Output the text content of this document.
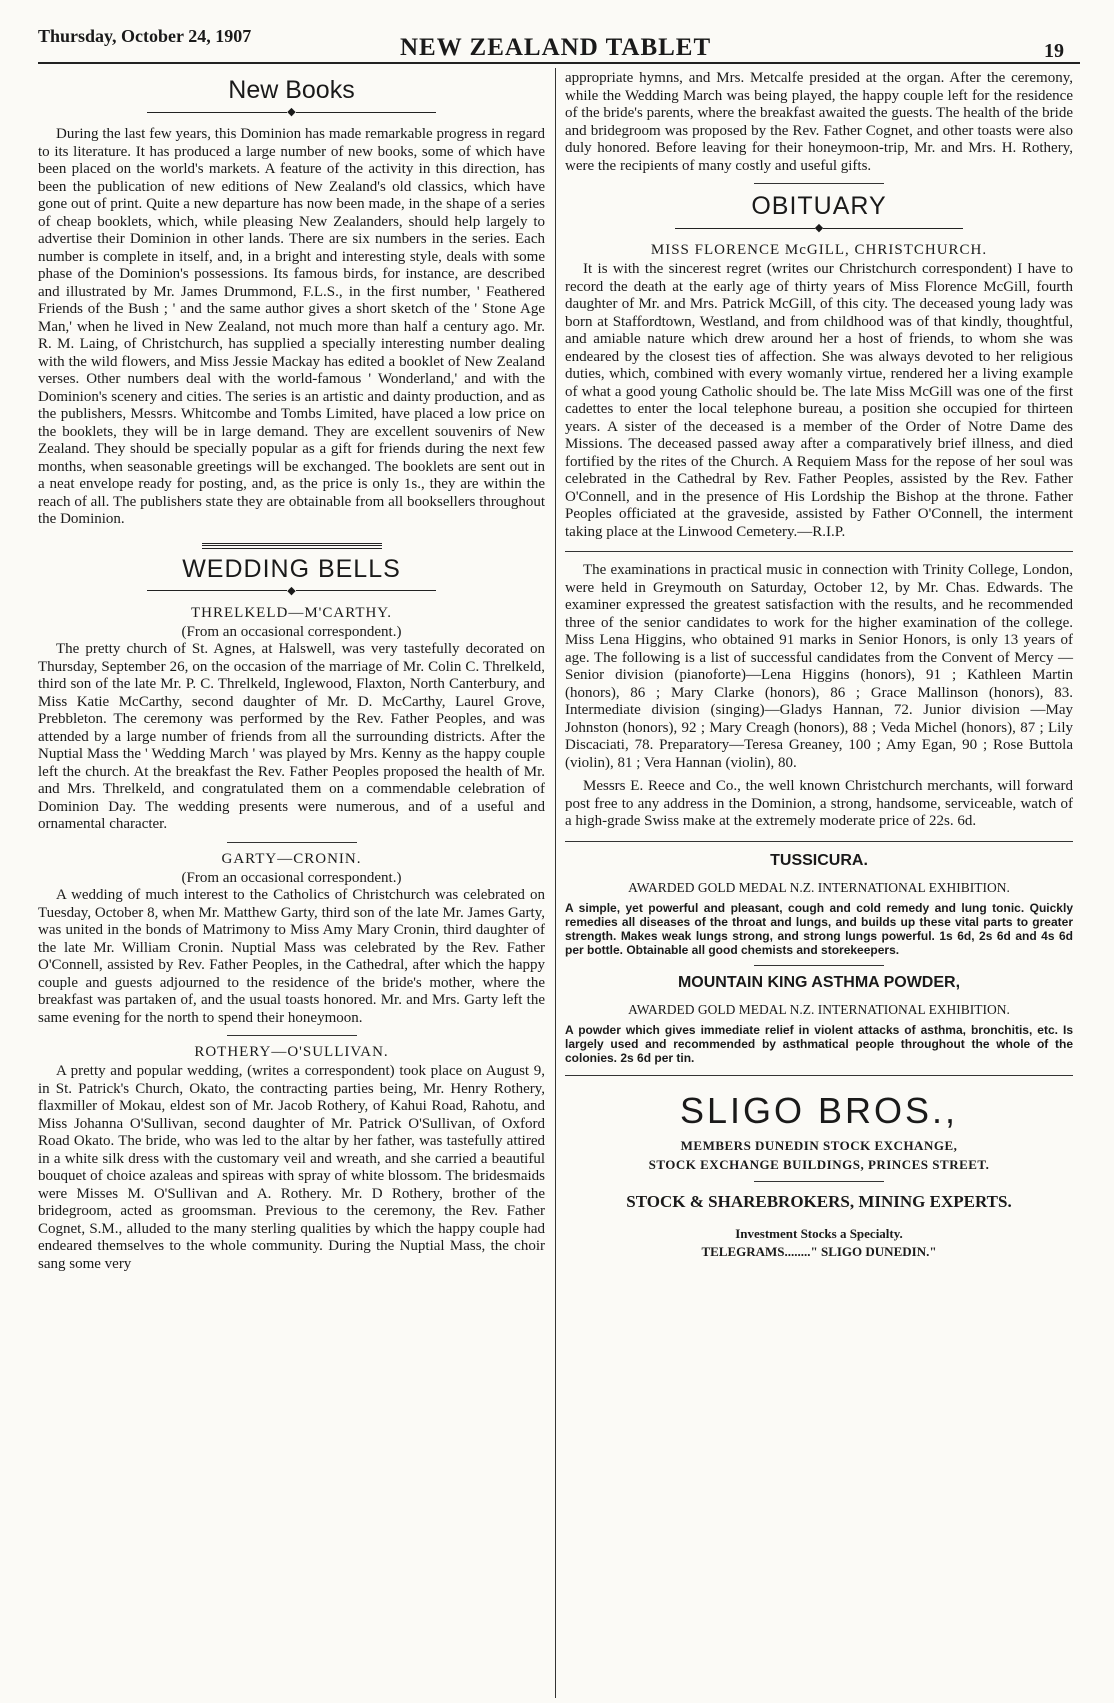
Thursday, October 24, 1907	NEW ZEALAND TABLET	19
New Books
◆

During the last few years, this Dominion has made remarkable progress in regard to its literature. It has produced a large number of new books, some of which have been placed on the world's markets. A feature of the activity in this direction, has been the publication of new editions of New Zealand's old classics, which have gone out of print. Quite a new departure has now been made, in the shape of a series of cheap booklets, which, while pleasing New Zealanders, should help largely to advertise their Dominion in other lands. There are six numbers in the series. Each number is complete in itself, and, in a bright and interesting style, deals with some phase of the Dominion's possessions. Its famous birds, for instance, are described and illustrated by Mr. James Drummond, F.L.S., in the first number, ' Feathered Friends of the Bush ; ' and the same author gives a short sketch of the ' Stone Age Man,' when he lived in New Zealand, not much more than half a century ago. Mr. R. M. Laing, of Christchurch, has supplied a specially interesting number dealing with the wild flowers, and Miss Jessie Mackay has edited a booklet of New Zealand verses. Other numbers deal with the world-famous ' Wonderland,' and with the Dominion's scenery and cities. The series is an artistic and dainty production, and as the publishers, Messrs. Whitcombe and Tombs Limited, have placed a low price on the booklets, they will be in large demand. They are excellent souvenirs of New Zealand. They should be specially popular as a gift for friends during the next few months, when seasonable greetings will be exchanged. The booklets are sent out in a neat envelope ready for posting, and, as the price is only 1s., they are within the reach of all. The publishers state they are obtainable from all booksellers throughout the Dominion.

WEDDING BELLS
◆
THRELKELD—M'CARTHY.

(From an occasional correspondent.)

The pretty church of St. Agnes, at Halswell, was very tastefully decorated on Thursday, September 26, on the occasion of the marriage of Mr. Colin C. Threlkeld, third son of the late Mr. P. C. Threlkeld, Inglewood, Flaxton, North Canterbury, and Miss Katie McCarthy, second daughter of Mr. D. McCarthy, Laurel Grove, Prebbleton. The ceremony was performed by the Rev. Father Peoples, and was attended by a large number of friends from all the surrounding districts. After the Nuptial Mass the ' Wedding March ' was played by Mrs. Kenny as the happy couple left the church. At the breakfast the Rev. Father Peoples proposed the health of Mr. and Mrs. Threlkeld, and congratulated them on a commendable celebration of Dominion Day. The wedding presents were numerous, and of a useful and ornamental character.

GARTY—CRONIN.

(From an occasional correspondent.)

A wedding of much interest to the Catholics of Christchurch was celebrated on Tuesday, October 8, when Mr. Matthew Garty, third son of the late Mr. James Garty, was united in the bonds of Matrimony to Miss Amy Mary Cronin, third daughter of the late Mr. William Cronin. Nuptial Mass was celebrated by the Rev. Father O'Connell, assisted by Rev. Father Peoples, in the Cathedral, after which the happy couple and guests adjourned to the residence of the bride's mother, where the breakfast was partaken of, and the usual toasts honored. Mr. and Mrs. Garty left the same evening for the north to spend their honeymoon.

ROTHERY—O'SULLIVAN.

A pretty and popular wedding, (writes a correspondent) took place on August 9, in St. Patrick's Church, Okato, the contracting parties being, Mr. Henry Rothery, flaxmiller of Mokau, eldest son of Mr. Jacob Rothery, of Kahui Road, Rahotu, and Miss Johanna O'Sullivan, second daughter of Mr. Patrick O'Sullivan, of Oxford Road Okato. The bride, who was led to the altar by her father, was tastefully attired in a white silk dress with the customary veil and wreath, and she carried a beautiful bouquet of choice azaleas and spireas with spray of white blossom. The bridesmaids were Misses M. O'Sullivan and A. Rothery. Mr. D Rothery, brother of the bridegroom, acted as groomsman. Previous to the ceremony, the Rev. Father Cognet, S.M., alluded to the many sterling qualities by which the happy couple had endeared themselves to the whole community. During the Nuptial Mass, the choir sang some very

appropriate hymns, and Mrs. Metcalfe presided at the organ. After the ceremony, while the Wedding March was being played, the happy couple left for the residence of the bride's parents, where the breakfast awaited the guests. The health of the bride and bridegroom was proposed by the Rev. Father Cognet, and other toasts were also duly honored. Before leaving for their honeymoon-trip, Mr. and Mrs. H. Rothery, were the recipients of many costly and useful gifts.

OBITUARY
◆
MISS FLORENCE McGILL, CHRISTCHURCH.

It is with the sincerest regret (writes our Christchurch correspondent) I have to record the death at the early age of thirty years of Miss Florence McGill, fourth daughter of Mr. and Mrs. Patrick McGill, of this city. The deceased young lady was born at Staffordtown, Westland, and from childhood was of that kindly, thoughtful, and amiable nature which drew around her a host of friends, to whom she was endeared by the closest ties of affection. She was always devoted to her religious duties, which, combined with every womanly virtue, rendered her a living example of what a good young Catholic should be. The late Miss McGill was one of the first cadettes to enter the local telephone bureau, a position she occupied for thirteen years. A sister of the deceased is a member of the Order of Notre Dame des Missions. The deceased passed away after a comparatively brief illness, and died fortified by the rites of the Church. A Requiem Mass for the repose of her soul was celebrated in the Cathedral by Rev. Father Peoples, assisted by the Rev. Father O'Connell, and in the presence of His Lordship the Bishop at the throne. Father Peoples officiated at the graveside, assisted by Father O'Connell, the interment taking place at the Linwood Cemetery.—R.I.P.

The examinations in practical music in connection with Trinity College, London, were held in Greymouth on Saturday, October 12, by Mr. Chas. Edwards. The examiner expressed the greatest satisfaction with the results, and he recommended three of the senior candidates to work for the higher examination of the college. Miss Lena Higgins, who obtained 91 marks in Senior Honors, is only 13 years of age. The following is a list of successful candidates from the Convent of Mercy —Senior division (pianoforte)—Lena Higgins (honors), 91 ; Kathleen Martin (honors), 86 ; Mary Clarke (honors), 86 ; Grace Mallinson (honors), 83. Intermediate division (singing)—Gladys Hannan, 72. Junior division —May Johnston (honors), 92 ; Mary Creagh (honors), 88 ; Veda Michel (honors), 87 ; Lily Discaciati, 78. Preparatory—Teresa Greaney, 100 ; Amy Egan, 90 ; Rose Buttola (violin), 81 ; Vera Hannan (violin), 80.

Messrs E. Reece and Co., the well known Christchurch merchants, will forward post free to any address in the Dominion, a strong, handsome, serviceable, watch of a high-grade Swiss make at the extremely moderate price of 22s. 6d.

TUSSICURA.
AWARDED GOLD MEDAL N.Z. INTERNATIONAL EXHIBITION.
A simple, yet powerful and pleasant, cough and cold remedy and lung tonic. Quickly remedies all diseases of the throat and lungs, and builds up these vital parts to greater strength. Makes weak lungs strong, and strong lungs powerful. 1s 6d, 2s 6d and 4s 6d per bottle. Obtainable all good chemists and storekeepers.
MOUNTAIN KING ASTHMA POWDER,
AWARDED GOLD MEDAL N.Z. INTERNATIONAL EXHIBITION.
A powder which gives immediate relief in violent attacks of asthma, bronchitis, etc. Is largely used and recommended by asthmatical people throughout the whole of the colonies. 2s 6d per tin.
SLIGO BROS.,
MEMBERS DUNEDIN STOCK EXCHANGE,
STOCK EXCHANGE BUILDINGS, PRINCES STREET.
STOCK & SHAREBROKERS, MINING EXPERTS.
Investment Stocks a Specialty.
TELEGRAMS........" SLIGO DUNEDIN."
